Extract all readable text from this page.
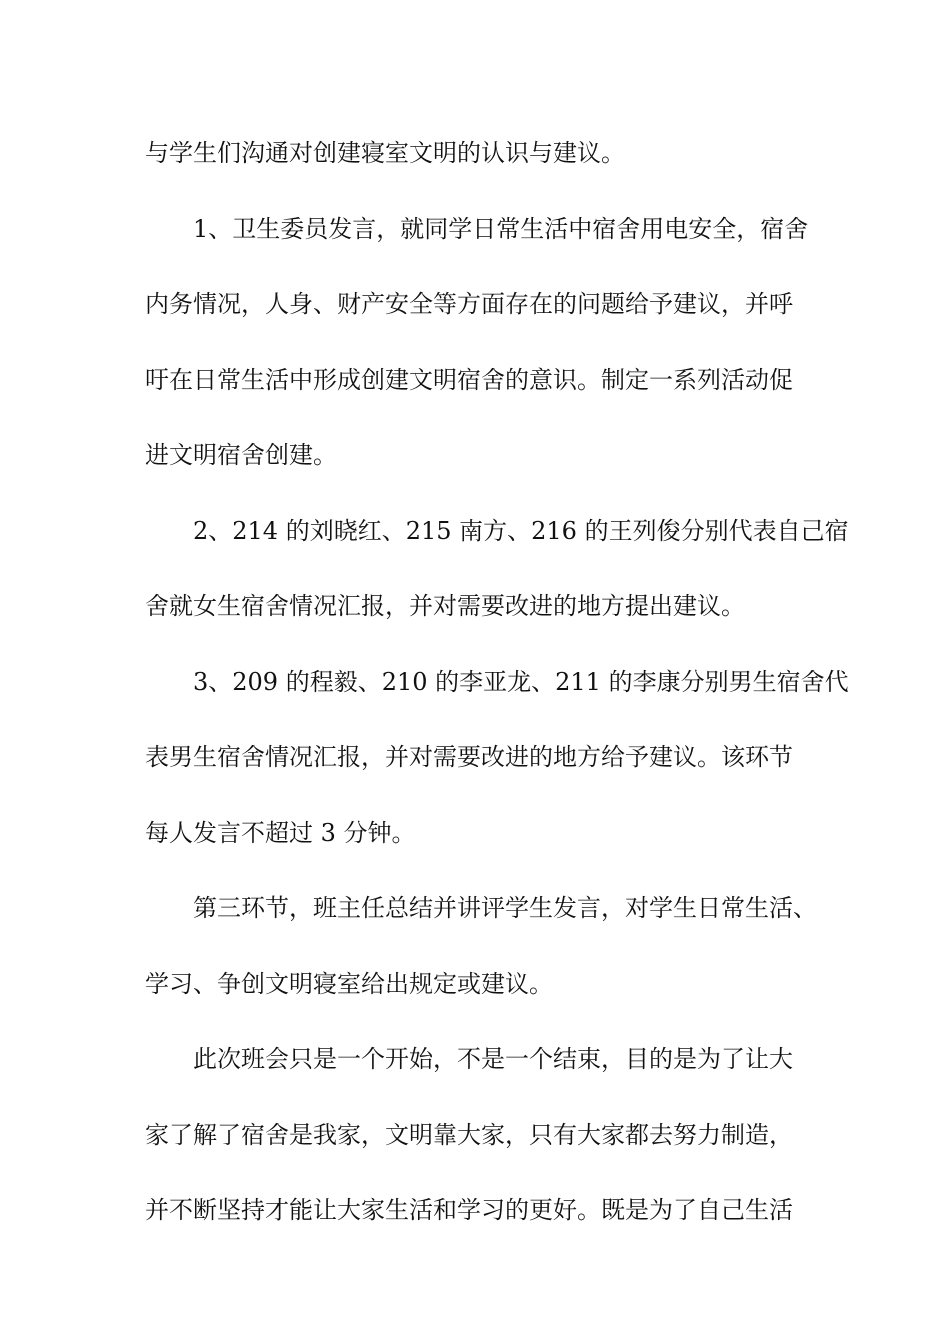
与学生们沟通对创建寝室文明的认识与建议。
1、卫生委员发言，就同学日常生活中宿舍用电安全，宿舍
内务情况，人身、财产安全等方面存在的问题给予建议，并呼
吁在日常生活中形成创建文明宿舍的意识。制定一系列活动促
进文明宿舍创建。
2、214 的刘晓红、215 南方、216 的王列俊分别代表自己宿
舍就女生宿舍情况汇报，并对需要改进的地方提出建议。
3、209 的程毅、210 的李亚龙、211 的李康分别男生宿舍代
表男生宿舍情况汇报，并对需要改进的地方给予建议。该环节
每人发言不超过 3 分钟。
第三环节，班主任总结并讲评学生发言，对学生日常生活、
学习、争创文明寝室给出规定或建议。
此次班会只是一个开始，不是一个结束，目的是为了让大
家了解了宿舍是我家，文明靠大家，只有大家都去努力制造，
并不断坚持才能让大家生活和学习的更好。既是为了自己生活
